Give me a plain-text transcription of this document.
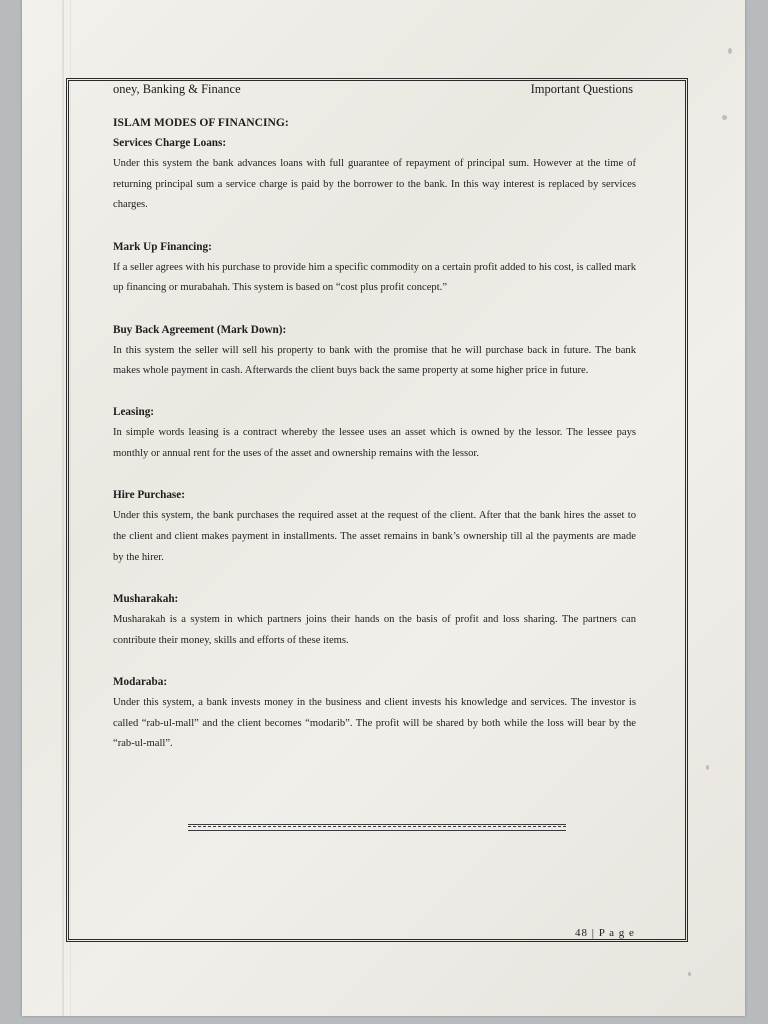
oney, Banking & Finance	Important Questions
ISLAM MODES OF FINANCING:
Services Charge Loans:

Under this system the bank advances loans with full guarantee of repayment of principal sum. However at the time of returning principal sum a service charge is paid by the borrower to the bank. In this way interest is replaced by services charges.

Mark Up Financing:

If a seller agrees with his purchase to provide him a specific commodity on a certain profit added to his cost, is called mark up financing or murabahah. This system is based on “cost plus profit concept.”

Buy Back Agreement (Mark Down):

In this system the seller will sell his property to bank with the promise that he will purchase back in future. The bank makes whole payment in cash. Afterwards the client buys back the same property at some higher price in future.

Leasing:

In simple words leasing is a contract whereby the lessee uses an asset which is owned by the lessor. The lessee pays monthly or annual rent for the uses of the asset and ownership remains with the lessor.

Hire Purchase:

Under this system, the bank purchases the required asset at the request of the client. After that the bank hires the asset to the client and client makes payment in installments. The asset remains in bank’s ownership till al the payments are made by the hirer.

Musharakah:

Musharakah is a system in which partners joins their hands on the basis of profit and loss sharing. The partners can contribute their money, skills and efforts of these items.

Modaraba:

Under this system, a bank invests money in the business and client invests his knowledge and services. The investor is called “rab-ul-mall” and the client becomes “modarib”. The profit will be shared by both while the loss will bear by the “rab-ul-mall”.

48 | P a g e
